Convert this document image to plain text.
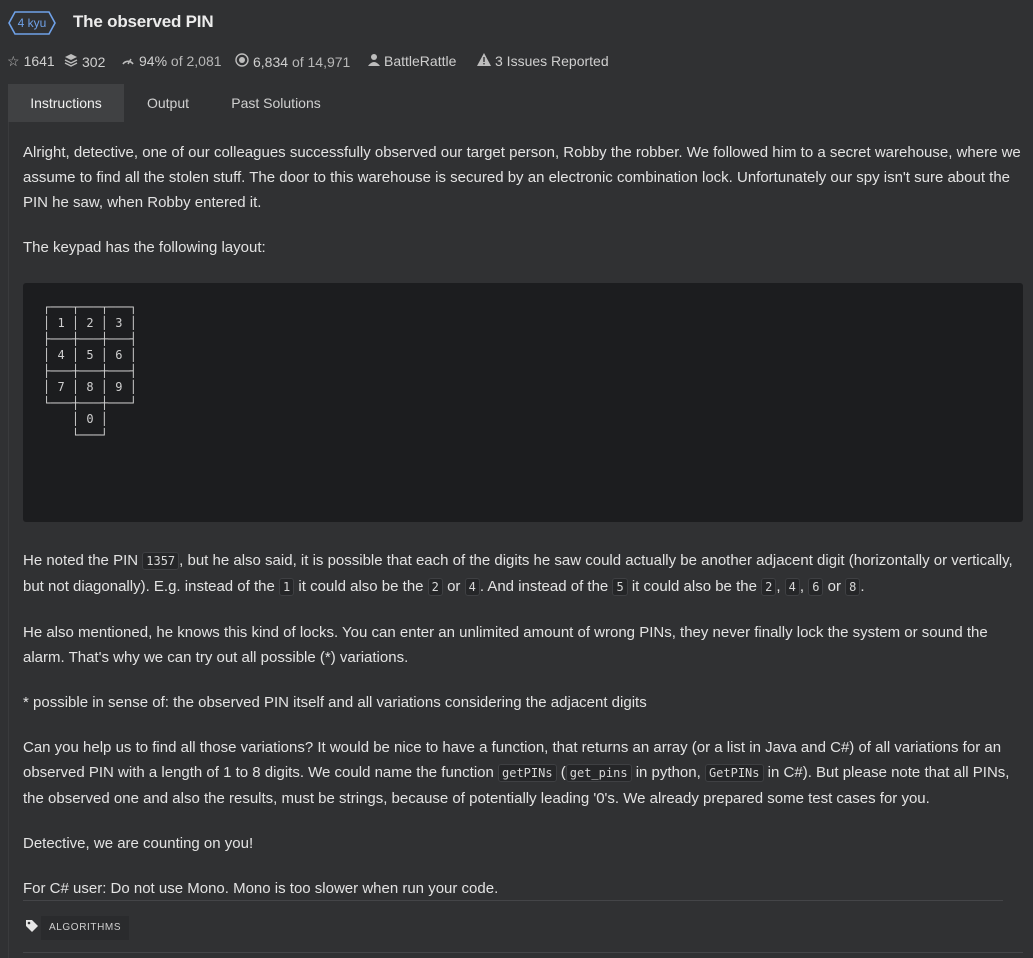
4 kyu	The observed PIN
☆ 1641 302 94%
of 2,081 6,834
of 14,971 BattleRattle	3 Issues Reported
Instructions	Output	Past Solutions

Alright, detective, one of our colleagues successfully observed our target person, Robby the robber. We followed him to a secret warehouse, where we assume to find all the stolen stuff. The door to this warehouse is secured by an electronic combination lock. Unfortunately our spy isn't sure about the PIN he saw, when Robby entered it.

The keypad has the following layout:

┌───┬───┬───┐
│ 1 │ 2 │ 3 │
├───┼───┼───┤
│ 4 │ 5 │ 6 │
├───┼───┼───┤
│ 7 │ 8 │ 9 │
└───┼───┼───┘
│ 0 │
└───┘

He noted the PIN 1357 , but he also said, it is possible that each of the digits he saw could actually be another adjacent digit (horizontally or vertically, but not diagonally). E.g. instead of the 1 it could also be the 2 or 4 . And instead of the 5 it could also be the 2 , 4 , 6 or 8 .

He also mentioned, he knows this kind of locks. You can enter an unlimited amount of wrong PINs, they never finally lock the system or sound the alarm. That's why we can try out all possible (*) variations.

* possible in sense of: the observed PIN itself and all variations considering the adjacent digits

Can you help us to find all those variations? It would be nice to have a function, that returns an array (or a list in Java and C#) of all variations for an observed PIN with a length of 1 to 8 digits. We could name the function getPINs ( get_pins in python, GetPINs in C#). But please note that all PINs, the observed one and also the results, must be strings, because of potentially leading '0's. We already prepared some test cases for you.

Detective, we are counting on you!

For C# user: Do not use Mono. Mono is too slower when run your code.

ALGORITHMS
